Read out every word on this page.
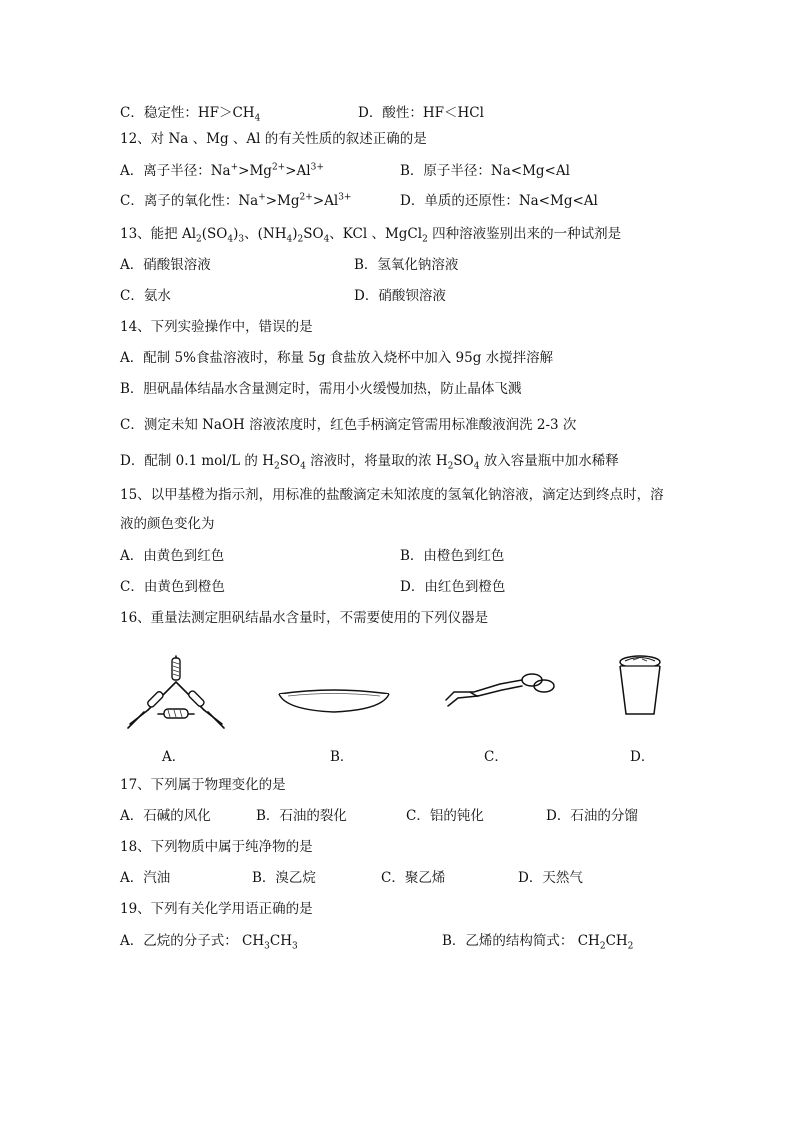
C．稳定性：$HF>CH_4$	D．酸性：HF＜HCl
12、对 Na 、Mg 、Al 的有关性质的叙述正确的是
A．离子半径：$Na^+>Mg^{2+}>Al^{3+}$	B．原子半径：Na<Mg<Al
C．离子的氧化性：$Na^+>Mg^{2+}>Al^{3+}$	D．单质的还原性：Na<Mg<Al
13、能把 $Al_2(SO_4)_3$、$(NH_4)_2SO_4$、KCl 、MgCl$_2$ 四种溶液鉴别出来的一种试剂是
A．硝酸银溶液	B．氢氧化钠溶液
C．氨水	D．硝酸钡溶液
14、下列实验操作中，错误的是
A．配制 5%食盐溶液时，称量 5g 食盐放入烧杯中加入 95g 水搅拌溶解
B．胆矾晶体结晶水含量测定时，需用小火缓慢加热，防止晶体飞溅
C．测定未知 NaOH 溶液浓度时，红色手柄滴定管需用标准酸液润洗 2-3 次
D．配制 0.1 mol/L 的 $H_2SO_4$ 溶液时，将量取的浓 $H_2SO_4$ 放入容量瓶中加水稀释
15、以甲基橙为指示剂，用标准的盐酸滴定未知浓度的氢氧化钠溶液，滴定达到终点时，溶
液的颜色变化为
A．由黄色到红色	B．由橙色到红色
C．由黄色到橙色	D．由红色到橙色
16、重量法测定胆矾结晶水含量时，不需要使用的下列仪器是
A．	B．	C．	D．
17、下列属于物理变化的是
A．石碱的风化	B．石油的裂化	C．铝的钝化	D．石油的分馏
18、下列物质中属于纯净物的是
A．汽油	B．溴乙烷	C．聚乙烯	D．天然气
19、下列有关化学用语正确的是
A．乙烷的分子式： $CH_3CH_3$	B．乙烯的结构简式： $CH_2CH_2$
